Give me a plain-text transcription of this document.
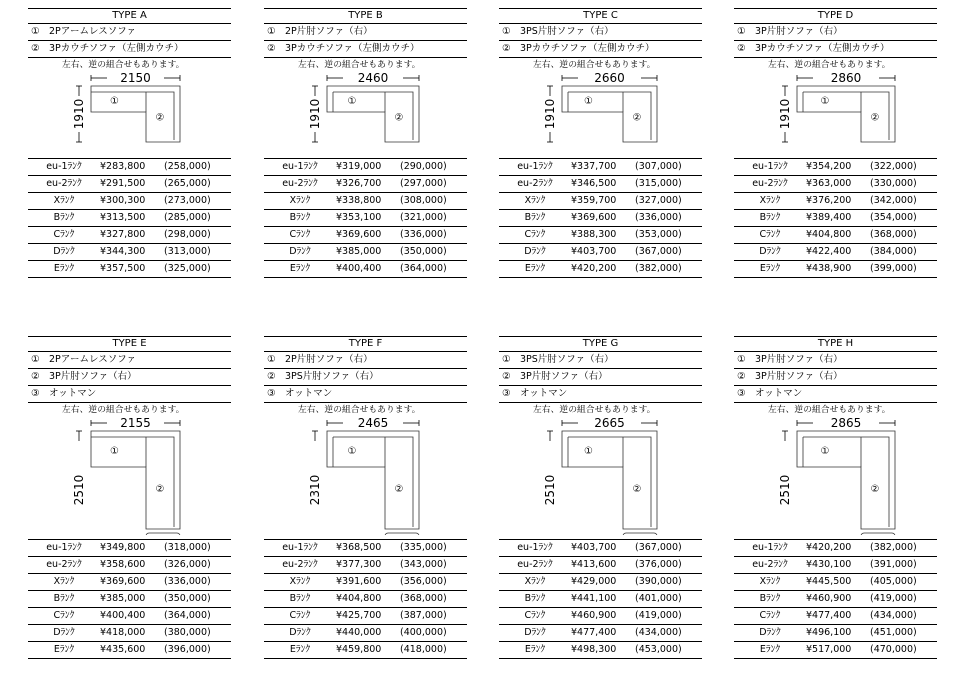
TYPE A
① 2Pアームレスソファ
② 3Pカウチソファ（左側カウチ）
左右、逆の組合せもあります。
2150
1910 ①
②
eu-1ﾗﾝｸ	¥283,800	(258,000)
eu-2ﾗﾝｸ	¥291,500	(265,000)
Xﾗﾝｸ	¥300,300	(273,000)
Bﾗﾝｸ	¥313,500	(285,000)
Cﾗﾝｸ	¥327,800	(298,000)
Dﾗﾝｸ	¥344,300	(313,000)
Eﾗﾝｸ	¥357,500	(325,000)
TYPE B
① 2P片肘ソファ（右）
② 3Pカウチソファ（左側カウチ）
左右、逆の組合せもあります。
2460
1910	①
②
eu-1ﾗﾝｸ	¥319,000	(290,000)
eu-2ﾗﾝｸ	¥326,700	(297,000)
Xﾗﾝｸ	¥338,800	(308,000)
Bﾗﾝｸ	¥353,100	(321,000)
Cﾗﾝｸ	¥369,600	(336,000)
Dﾗﾝｸ	¥385,000	(350,000)
Eﾗﾝｸ	¥400,400	(364,000)
TYPE C
① 3PS片肘ソファ（右）
② 3Pカウチソファ（左側カウチ）
左右、逆の組合せもあります。
2660
1910	①
②
eu-1ﾗﾝｸ	¥337,700	(307,000)
eu-2ﾗﾝｸ	¥346,500	(315,000)
Xﾗﾝｸ	¥359,700	(327,000)
Bﾗﾝｸ	¥369,600	(336,000)
Cﾗﾝｸ	¥388,300	(353,000)
Dﾗﾝｸ	¥403,700	(367,000)
Eﾗﾝｸ	¥420,200	(382,000)
TYPE D
① 3P片肘ソファ（右）
② 3Pカウチソファ（左側カウチ）
左右、逆の組合せもあります。
2860
1910	①
②
eu-1ﾗﾝｸ	¥354,200	(322,000)
eu-2ﾗﾝｸ	¥363,000	(330,000)
Xﾗﾝｸ	¥376,200	(342,000)
Bﾗﾝｸ	¥389,400	(354,000)
Cﾗﾝｸ	¥404,800	(368,000)
Dﾗﾝｸ	¥422,400	(384,000)
Eﾗﾝｸ	¥438,900	(399,000)
TYPE E
① 2Pアームレスソファ
② 3P片肘ソファ（右）
③ オットマン
左右、逆の組合せもあります。
2155
2510
①
②
eu-1ﾗﾝｸ	¥349,800	(318,000)
eu-2ﾗﾝｸ	¥358,600	(326,000)
Xﾗﾝｸ	¥369,600	(336,000)
Bﾗﾝｸ	¥385,000	(350,000)
Cﾗﾝｸ	¥400,400	(364,000)
Dﾗﾝｸ	¥418,000	(380,000)
Eﾗﾝｸ	¥435,600	(396,000)
TYPE F
① 2P片肘ソファ（右）
② 3PS片肘ソファ（右）
③ オットマン
左右、逆の組合せもあります。
2465
2310
①
②
eu-1ﾗﾝｸ	¥368,500	(335,000)
eu-2ﾗﾝｸ	¥377,300	(343,000)
Xﾗﾝｸ	¥391,600	(356,000)
Bﾗﾝｸ	¥404,800	(368,000)
Cﾗﾝｸ	¥425,700	(387,000)
Dﾗﾝｸ	¥440,000	(400,000)
Eﾗﾝｸ	¥459,800	(418,000)
TYPE G
① 3PS片肘ソファ（右）
② 3P片肘ソファ（右）
③ オットマン
左右、逆の組合せもあります。
2665
2510
①
②
eu-1ﾗﾝｸ	¥403,700	(367,000)
eu-2ﾗﾝｸ	¥413,600	(376,000)
Xﾗﾝｸ	¥429,000	(390,000)
Bﾗﾝｸ	¥441,100	(401,000)
Cﾗﾝｸ	¥460,900	(419,000)
Dﾗﾝｸ	¥477,400	(434,000)
Eﾗﾝｸ	¥498,300	(453,000)
TYPE H
① 3P片肘ソファ（右）
② 3P片肘ソファ（右）
③ オットマン
左右、逆の組合せもあります。
2865
2510
①
②
eu-1ﾗﾝｸ	¥420,200	(382,000)
eu-2ﾗﾝｸ	¥430,100	(391,000)
Xﾗﾝｸ	¥445,500	(405,000)
Bﾗﾝｸ	¥460,900	(419,000)
Cﾗﾝｸ	¥477,400	(434,000)
Dﾗﾝｸ	¥496,100	(451,000)
Eﾗﾝｸ	¥517,000	(470,000)
